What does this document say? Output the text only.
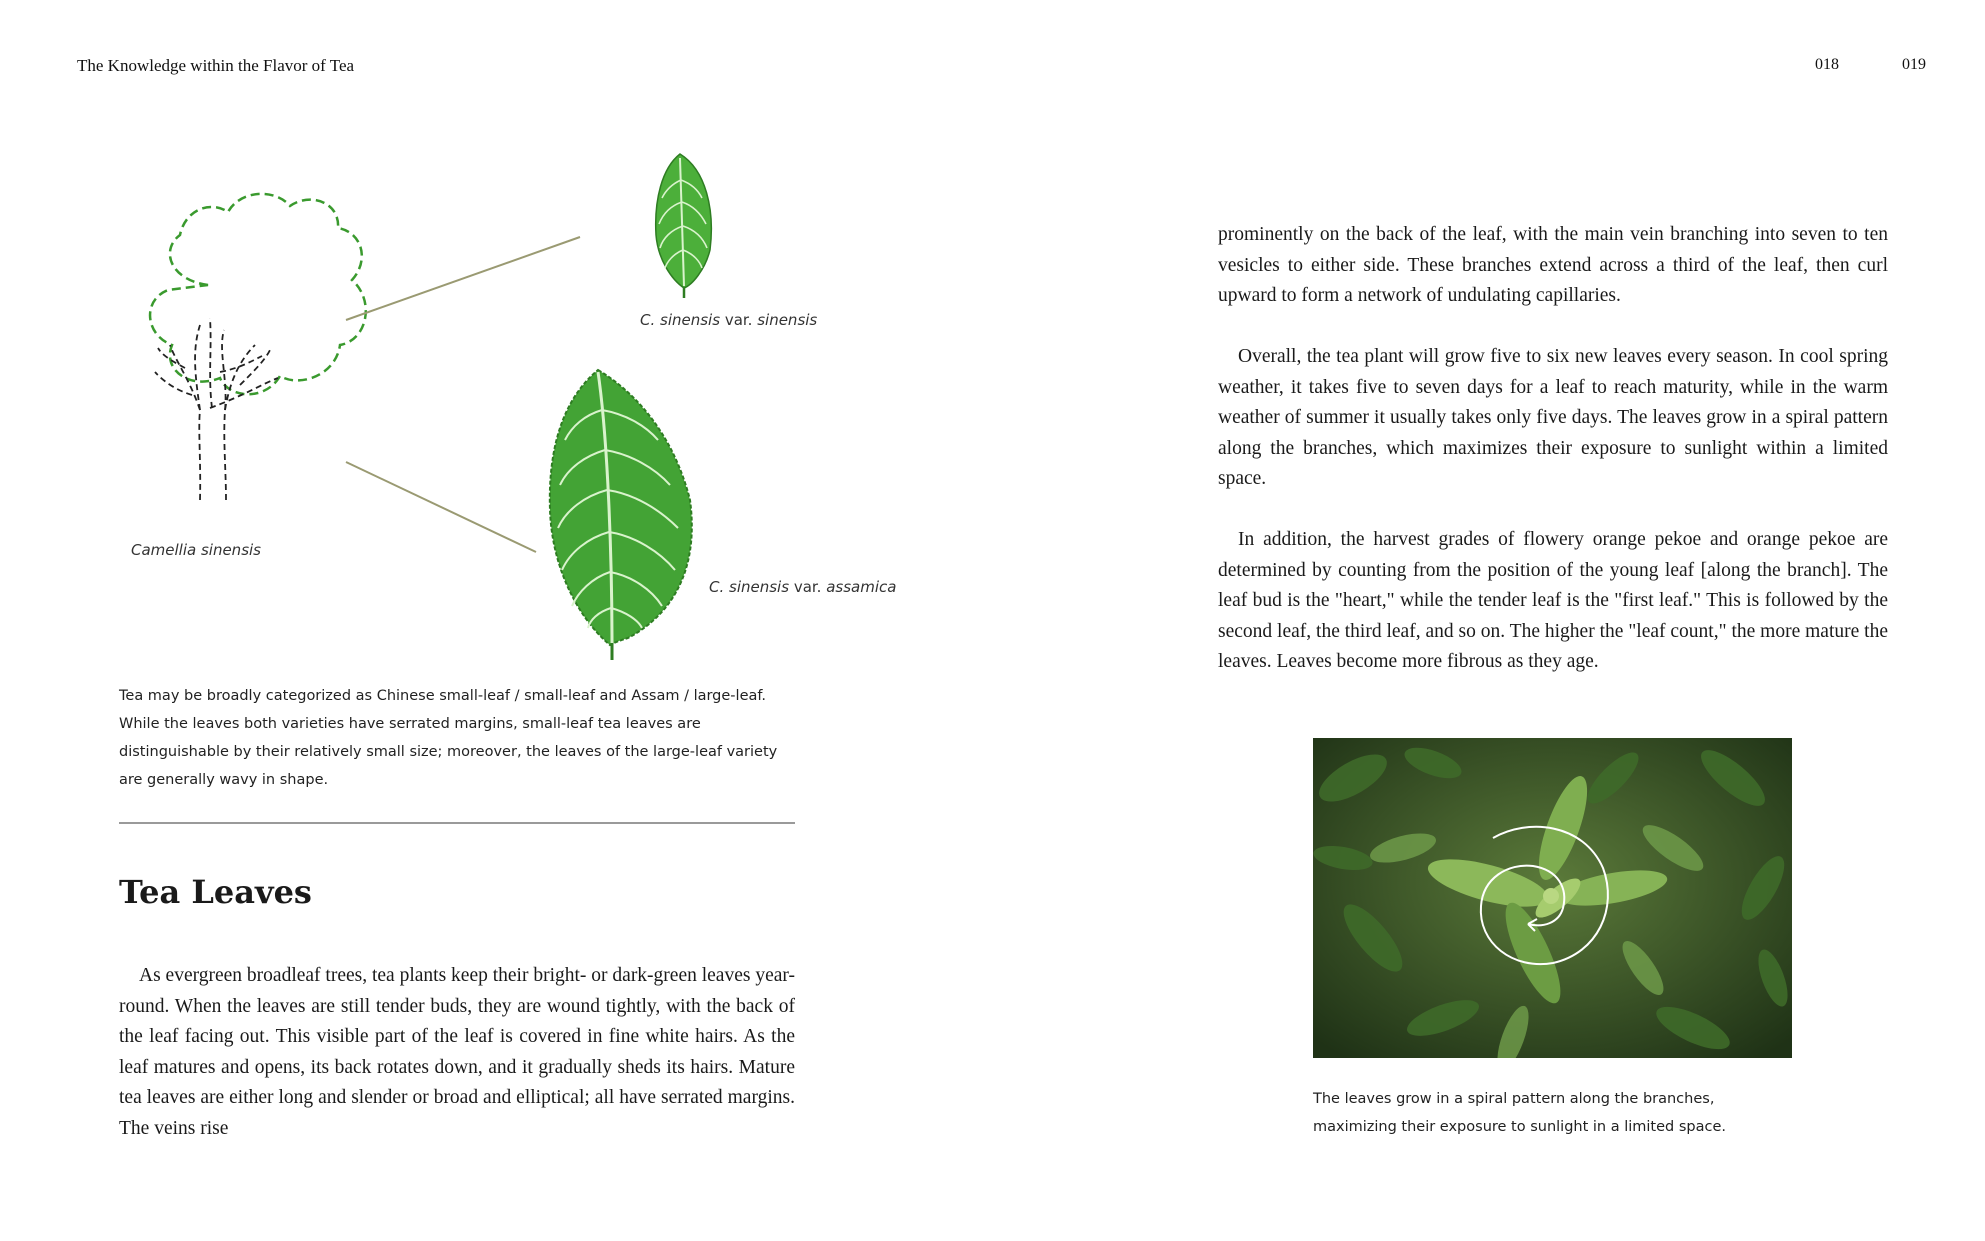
The Knowledge within the Flavor of Tea	018	019
C. sinensis var. sinensis
Camellia sinensis
C. sinensis var. assamica
Tea may be broadly categorized as Chinese small-leaf / small-leaf and Assam / large-leaf. While the leaves both varieties have serrated margins, small-leaf tea leaves are distinguishable by their relatively small size; moreover, the leaves of the large-leaf variety are generally wavy in shape.
Tea Leaves
As evergreen broadleaf trees, tea plants keep their bright- or dark-green leaves year-round. When the leaves are still tender buds, they are wound tightly, with the back of the leaf facing out. This visible part of the leaf is covered in fine white hairs. As the leaf matures and opens, its back rotates down, and it gradually sheds its hairs. Mature tea leaves are either long and slender or broad and elliptical; all have serrated margins. The veins rise
prominently on the back of the leaf, with the main vein branching into seven to ten vesicles to either side. These branches extend across a third of the leaf, then curl upward to form a network of undulating capillaries.
Overall, the tea plant will grow five to six new leaves every season. In cool spring weather, it takes five to seven days for a leaf to reach maturity, while in the warm weather of summer it usually takes only five days. The leaves grow in a spiral pattern along the branches, which maximizes their exposure to sunlight within a limited space.
In addition, the harvest grades of flowery orange pekoe and orange pekoe are determined by counting from the position of the young leaf [along the branch]. The leaf bud is the "heart," while the tender leaf is the "first leaf." This is followed by the second leaf, the third leaf, and so on. The higher the "leaf count," the more mature the leaves. Leaves become more fibrous as they age.
The leaves grow in a spiral pattern along the branches, maximizing their exposure to sunlight in a limited space.
